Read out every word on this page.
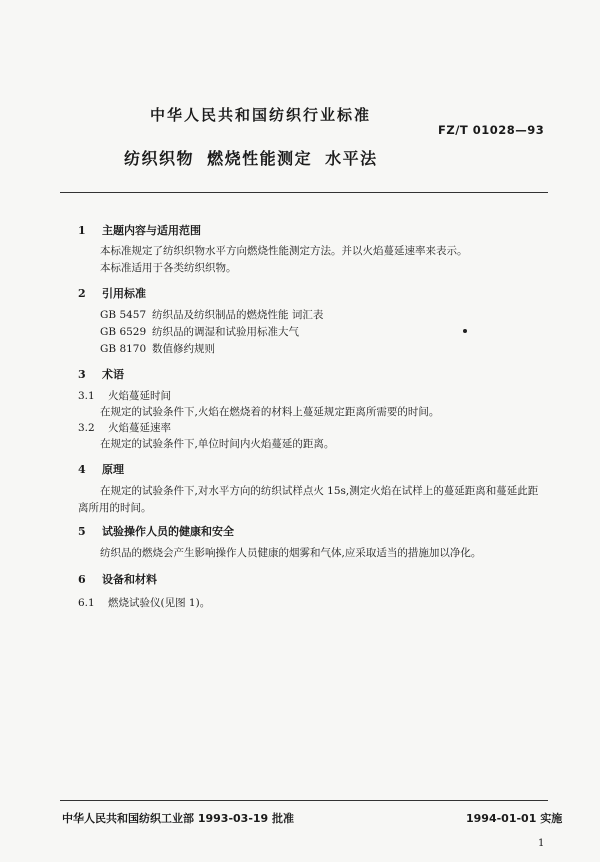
中华人民共和国纺织行业标准
FZ/T 01028—93
纺织织物 燃烧性能测定 水平法
1 主题内容与适用范围
本标准规定了纺织织物水平方向燃烧性能测定方法。并以火焰蔓延速率来表示。
本标准适用于各类纺织织物。
2 引用标准
GB 5457 纺织品及纺织制品的燃烧性能 词汇表
GB 6529 纺织品的调湿和试验用标准大气
GB 8170 数值修约规则
3 术语
3.1 火焰蔓延时间
在规定的试验条件下,火焰在燃烧着的材料上蔓延规定距离所需要的时间。
3.2 火焰蔓延速率
在规定的试验条件下,单位时间内火焰蔓延的距离。
4 原理
在规定的试验条件下,对水平方向的纺织试样点火 15s,测定火焰在试样上的蔓延距离和蔓延此距
离所用的时间。
5 试验操作人员的健康和安全
纺织品的燃烧会产生影响操作人员健康的烟雾和气体,应采取适当的措施加以净化。
6 设备和材料
6.1 燃烧试验仪(见图 1)。
中华人民共和国纺织工业部 1993-03-19 批准	1994-01-01 实施
1
